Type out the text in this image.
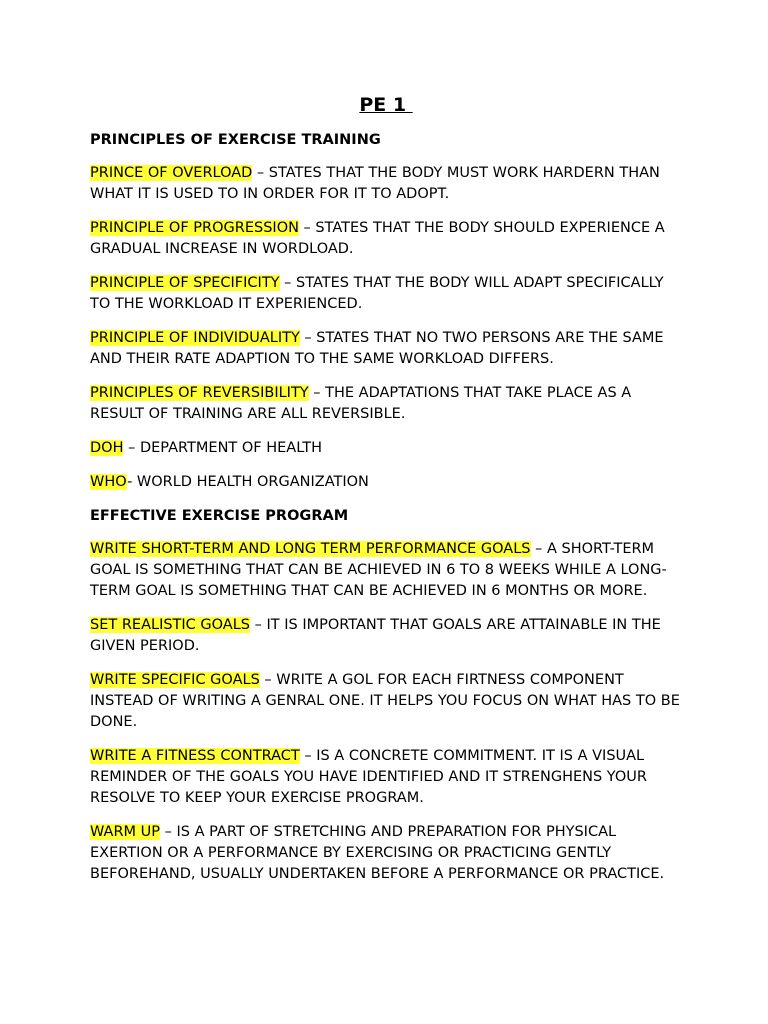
PE 1
PRINCIPLES OF EXERCISE TRAINING

PRINCE OF OVERLOAD – STATES THAT THE BODY MUST WORK HARDERN THAN WHAT IT IS USED TO IN ORDER FOR IT TO ADOPT.

PRINCIPLE OF PROGRESSION – STATES THAT THE BODY SHOULD EXPERIENCE A GRADUAL INCREASE IN WORDLOAD.

PRINCIPLE OF SPECIFICITY – STATES THAT THE BODY WILL ADAPT SPECIFICALLY TO THE WORKLOAD IT EXPERIENCED.

PRINCIPLE OF INDIVIDUALITY – STATES THAT NO TWO PERSONS ARE THE SAME AND THEIR RATE ADAPTION TO THE SAME WORKLOAD DIFFERS.

PRINCIPLES OF REVERSIBILITY – THE ADAPTATIONS THAT TAKE PLACE AS A RESULT OF TRAINING ARE ALL REVERSIBLE.

DOH – DEPARTMENT OF HEALTH

WHO- WORLD HEALTH ORGANIZATION

EFFECTIVE EXERCISE PROGRAM

WRITE SHORT-TERM AND LONG TERM PERFORMANCE GOALS – A SHORT-TERM GOAL IS SOMETHING THAT CAN BE ACHIEVED IN 6 TO 8 WEEKS WHILE A LONG-TERM GOAL IS SOMETHING THAT CAN BE ACHIEVED IN 6 MONTHS OR MORE.

SET REALISTIC GOALS – IT IS IMPORTANT THAT GOALS ARE ATTAINABLE IN THE GIVEN PERIOD.

WRITE SPECIFIC GOALS – WRITE A GOL FOR EACH FIRTNESS COMPONENT INSTEAD OF WRITING A GENRAL ONE. IT HELPS YOU FOCUS ON WHAT HAS TO BE DONE.

WRITE A FITNESS CONTRACT – IS A CONCRETE COMMITMENT. IT IS A VISUAL REMINDER OF THE GOALS YOU HAVE IDENTIFIED AND IT STRENGHENS YOUR RESOLVE TO KEEP YOUR EXERCISE PROGRAM.

WARM UP – IS A PART OF STRETCHING AND PREPARATION FOR PHYSICAL EXERTION OR A PERFORMANCE BY EXERCISING OR PRACTICING GENTLY BEFOREHAND, USUALLY UNDERTAKEN BEFORE A PERFORMANCE OR PRACTICE.
